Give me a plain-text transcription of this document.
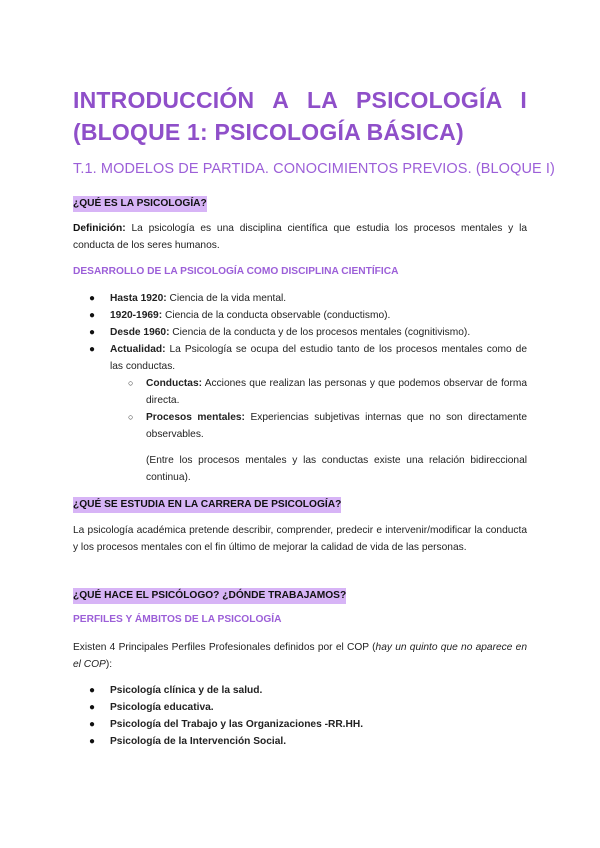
INTRODUCCIÓN A LA PSICOLOGÍA I
(BLOQUE 1: PSICOLOGÍA BÁSICA)
T.1. MODELOS DE PARTIDA. CONOCIMIENTOS PREVIOS. (BLOQUE I)
¿QUÉ ES LA PSICOLOGÍA?

Definición: La psicología es una disciplina científica que estudia los procesos mentales y la conducta de los seres humanos.

DESARROLLO DE LA PSICOLOGÍA COMO DISCIPLINA CIENTÍFICA
● Hasta 1920: Ciencia de la vida mental.
● 1920-1969: Ciencia de la conducta observable (conductismo).
● Desde 1960: Ciencia de la conducta y de los procesos mentales (cognitivismo).
● Actualidad: La Psicología se ocupa del estudio tanto de los procesos mentales como de las conductas.
○ Conductas: Acciones que realizan las personas y que podemos observar de forma directa.
○ Procesos mentales: Experiencias subjetivas internas que no son directamente observables.
(Entre los procesos mentales y las conductas existe una relación bidireccional continua).
¿QUÉ SE ESTUDIA EN LA CARRERA DE PSICOLOGÍA?

La psicología académica pretende describir, comprender, predecir e intervenir/modificar la conducta y los procesos mentales con el fin último de mejorar la calidad de vida de las personas.

¿QUÉ HACE EL PSICÓLOGO? ¿DÓNDE TRABAJAMOS?
PERFILES Y ÁMBITOS DE LA PSICOLOGÍA

Existen 4 Principales Perfiles Profesionales definidos por el COP (hay un quinto que no aparece en el COP):

● Psicología clínica y de la salud.
● Psicología educativa.
● Psicología del Trabajo y las Organizaciones -RR.HH.
● Psicología de la Intervención Social.
